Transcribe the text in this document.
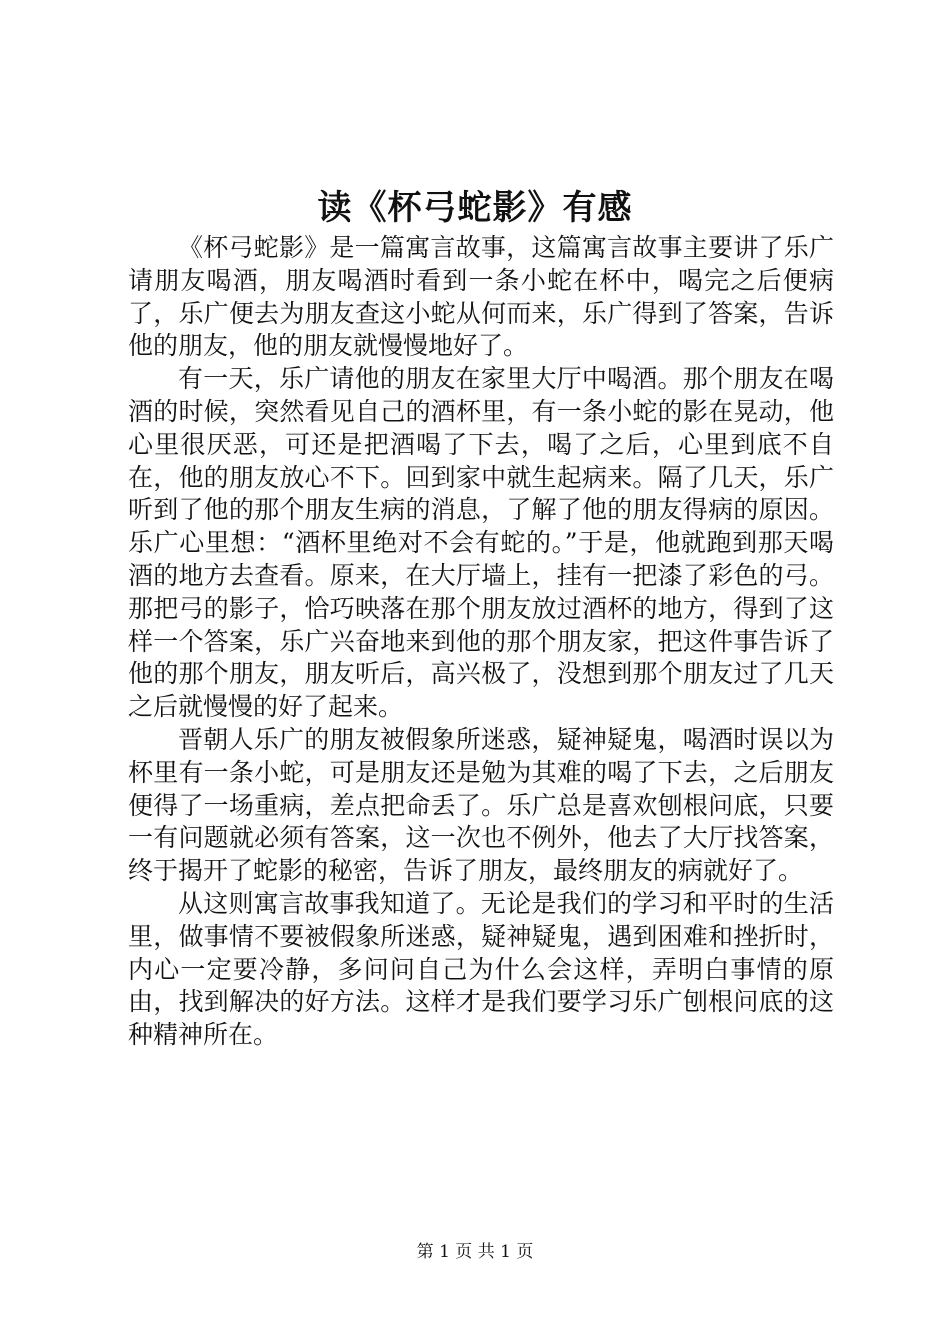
读《杯弓蛇影》有感

《杯弓蛇影》是一篇寓言故事，这篇寓言故事主要讲了乐广请朋友喝酒，朋友喝酒时看到一条小蛇在杯中，喝完之后便病了，乐广便去为朋友查这小蛇从何而来，乐广得到了答案，告诉他的朋友，他的朋友就慢慢地好了。

有一天，乐广请他的朋友在家里大厅中喝酒。那个朋友在喝酒的时候，突然看见自己的酒杯里，有一条小蛇的影在晃动，他心里很厌恶，可还是把酒喝了下去，喝了之后，心里到底不自在，他的朋友放心不下。回到家中就生起病来。隔了几天，乐广听到了他的那个朋友生病的消息，了解了他的朋友得病的原因。乐广心里想：“酒杯里绝对不会有蛇的。”于是，他就跑到那天喝酒的地方去查看。原来，在大厅墙上，挂有一把漆了彩色的弓。那把弓的影子，恰巧映落在那个朋友放过酒杯的地方，得到了这样一个答案，乐广兴奋地来到他的那个朋友家，把这件事告诉了他的那个朋友，朋友听后，高兴极了，没想到那个朋友过了几天之后就慢慢的好了起来。

晋朝人乐广的朋友被假象所迷惑，疑神疑鬼，喝酒时误以为杯里有一条小蛇，可是朋友还是勉为其难的喝了下去，之后朋友便得了一场重病，差点把命丢了。乐广总是喜欢刨根问底，只要一有问题就必须有答案，这一次也不例外，他去了大厅找答案，终于揭开了蛇影的秘密，告诉了朋友，最终朋友的病就好了。

从这则寓言故事我知道了。无论是我们的学习和平时的生活里，做事情不要被假象所迷惑，疑神疑鬼，遇到困难和挫折时，内心一定要冷静，多问问自己为什么会这样，弄明白事情的原由，找到解决的好方法。这样才是我们要学习乐广刨根问底的这种精神所在。

第 1 页 共 1 页
